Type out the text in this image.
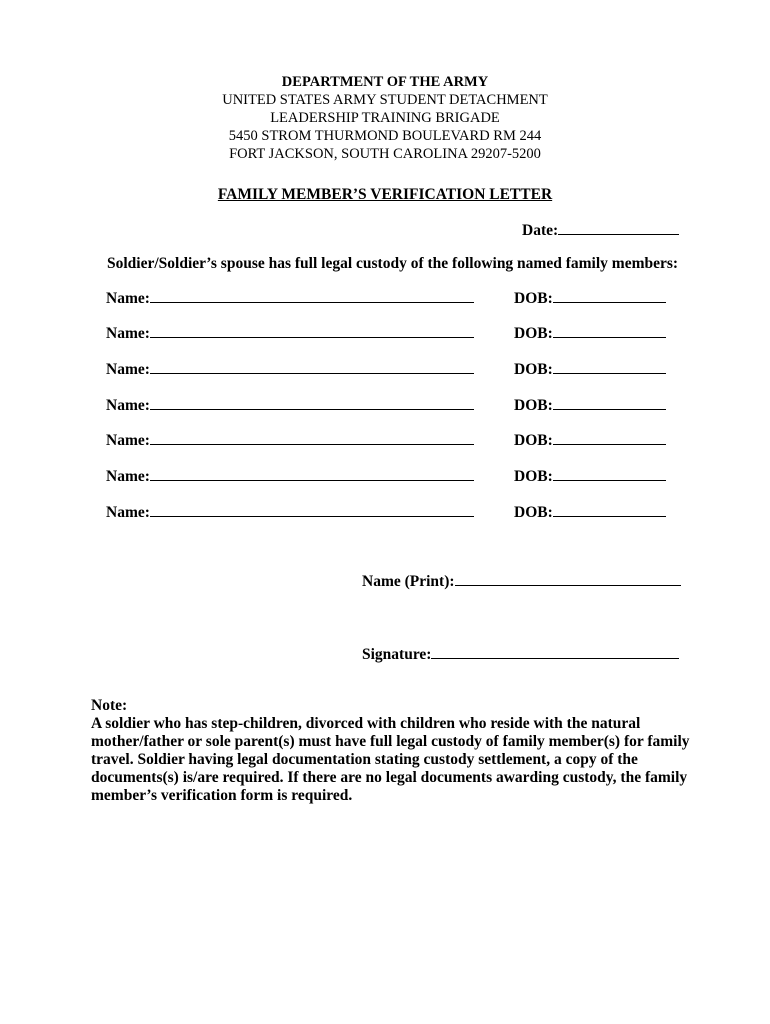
DEPARTMENT OF THE ARMY
UNITED STATES ARMY STUDENT DETACHMENT
LEADERSHIP TRAINING BRIGADE
5450 STROM THURMOND BOULEVARD RM 244
FORT JACKSON, SOUTH CAROLINA 29207-5200
FAMILY MEMBER’S VERIFICATION LETTER
Date:
Soldier/Soldier’s spouse has full legal custody of the following named family members:
Name:	DOB:
Name:	DOB:
Name:	DOB:
Name:	DOB:
Name:	DOB:
Name:	DOB:
Name:	DOB:
Name (Print):
Signature:

Note:

A soldier who has step-children, divorced with children who reside with the natural mother/father or sole parent(s) must have full legal custody of family member(s) for family travel. Soldier having legal documentation stating custody settlement, a copy of the documents(s) is/are required. If there are no legal documents awarding custody, the family member’s verification form is required.
